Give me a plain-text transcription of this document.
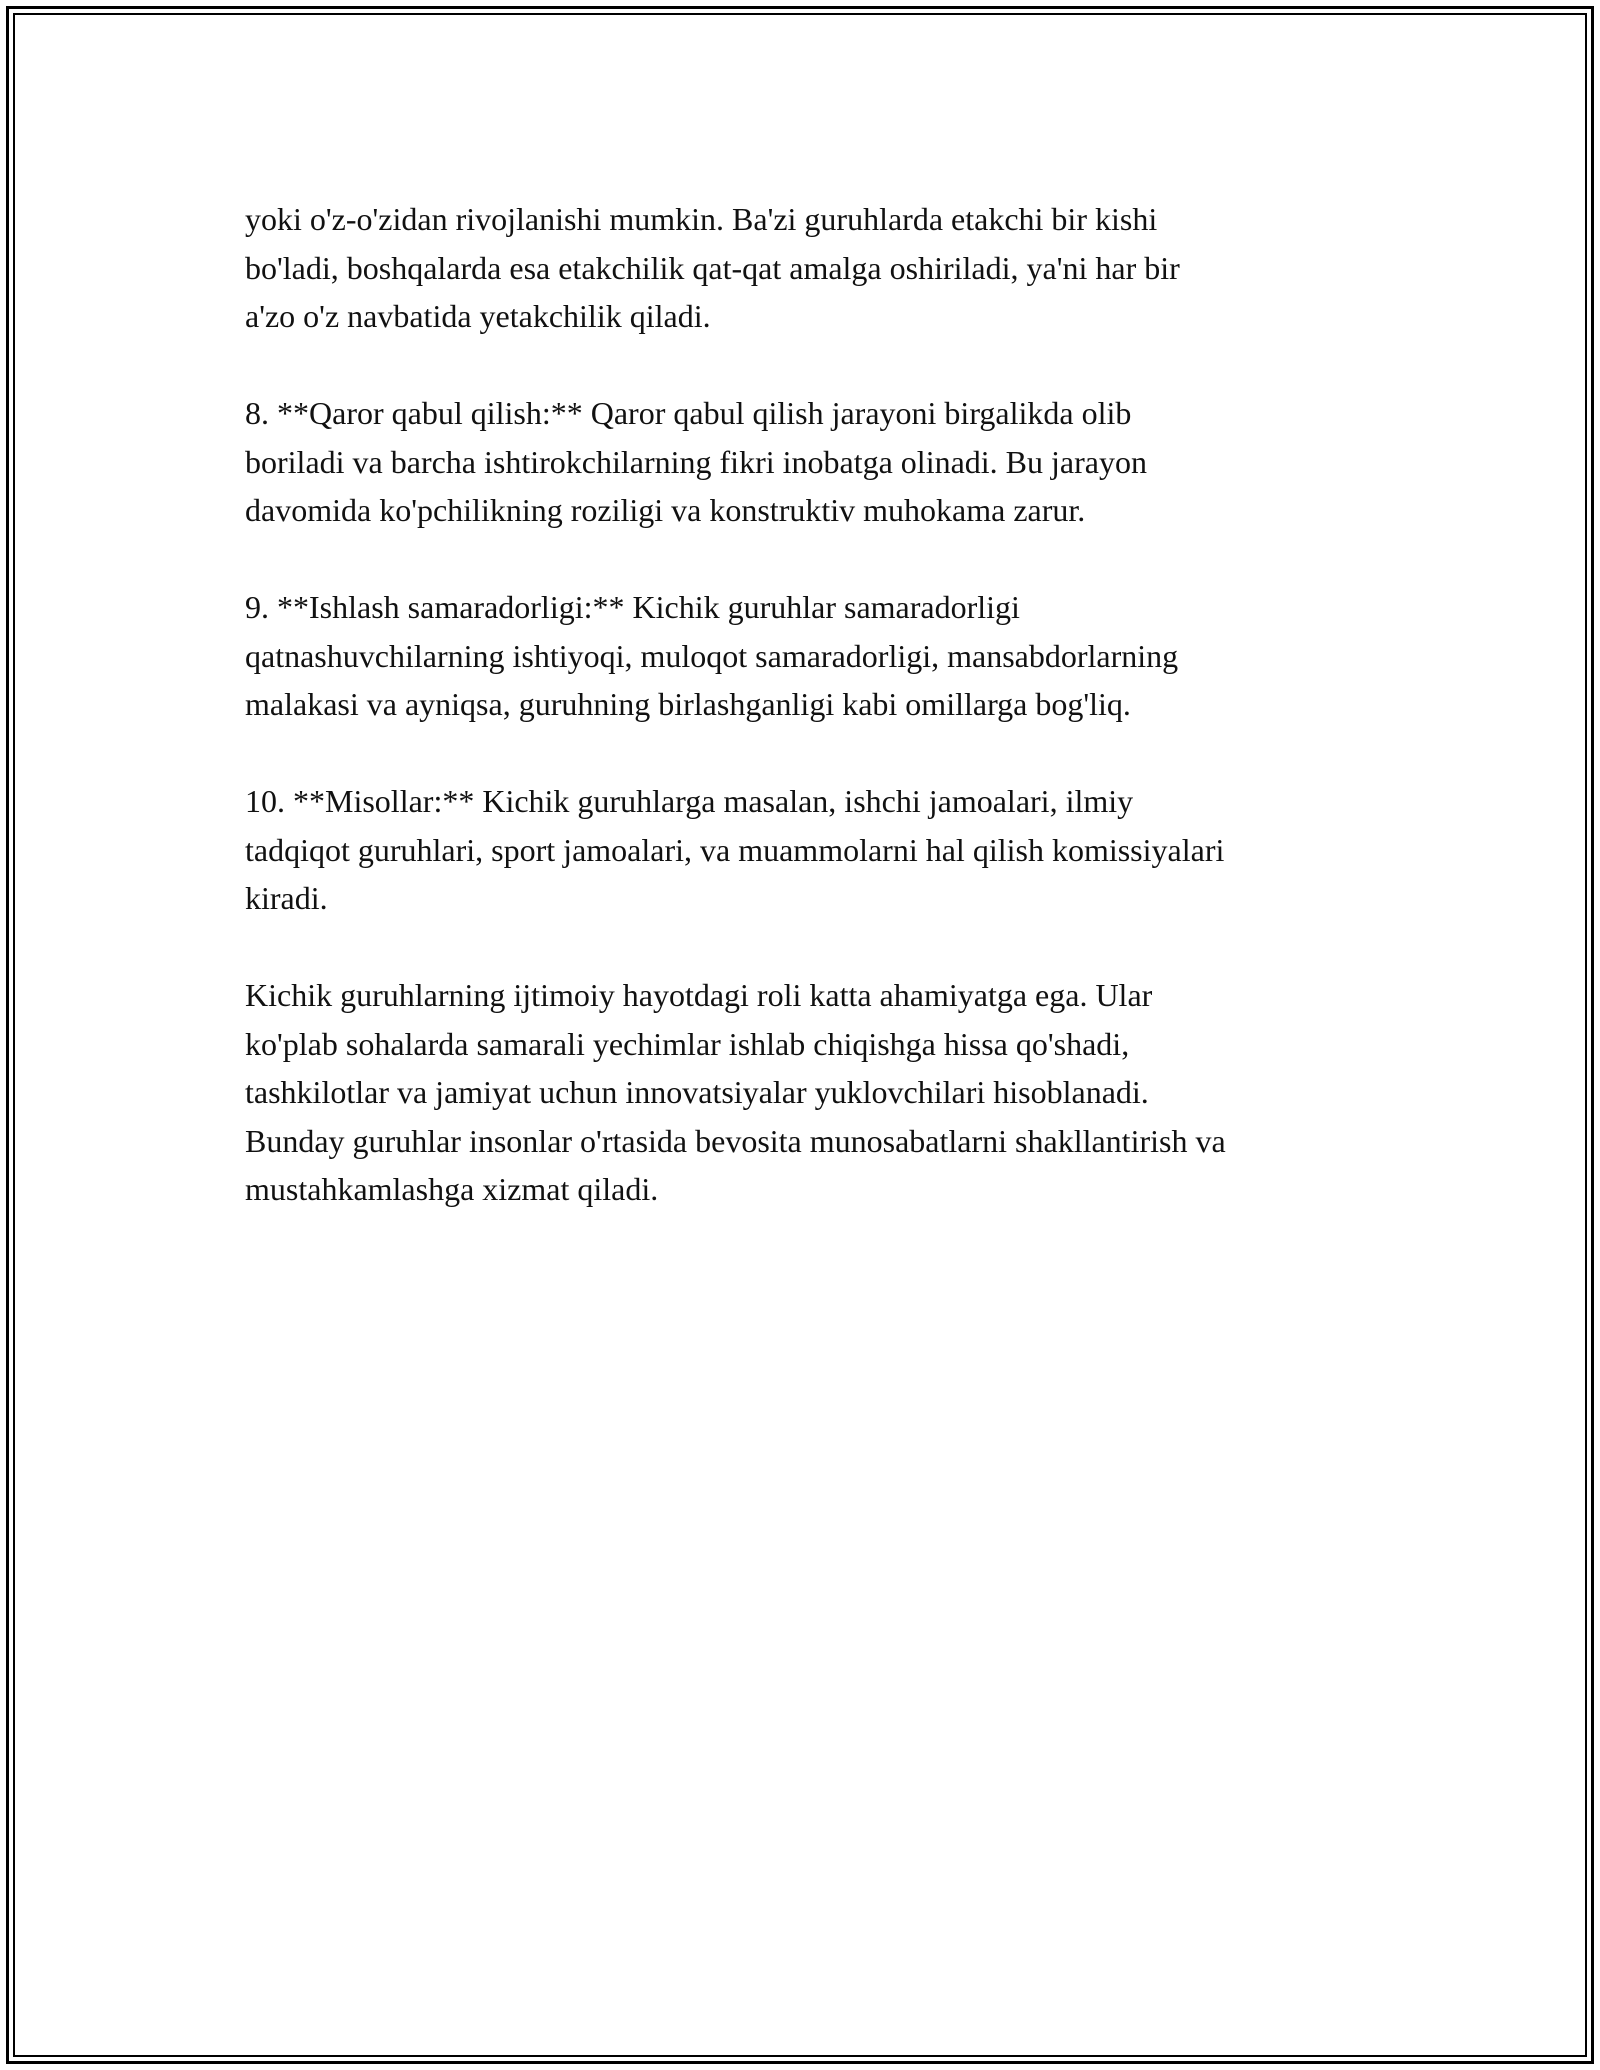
yoki o'z-o'zidan rivojlanishi mumkin. Ba'zi guruhlarda etakchi bir kishi
bo'ladi, boshqalarda esa etakchilik qat-qat amalga oshiriladi, ya'ni har bir
a'zo o'z navbatida yetakchilik qiladi.

8. **Qaror qabul qilish:** Qaror qabul qilish jarayoni birgalikda olib
boriladi va barcha ishtirokchilarning fikri inobatga olinadi. Bu jarayon
davomida ko'pchilikning roziligi va konstruktiv muhokama zarur.

9. **Ishlash samaradorligi:** Kichik guruhlar samaradorligi
qatnashuvchilarning ishtiyoqi, muloqot samaradorligi, mansabdorlarning
malakasi va ayniqsa, guruhning birlashganligi kabi omillarga bog'liq.

10. **Misollar:** Kichik guruhlarga masalan, ishchi jamoalari, ilmiy
tadqiqot guruhlari, sport jamoalari, va muammolarni hal qilish komissiyalari
kiradi.

Kichik guruhlarning ijtimoiy hayotdagi roli katta ahamiyatga ega. Ular
ko'plab sohalarda samarali yechimlar ishlab chiqishga hissa qo'shadi,
tashkilotlar va jamiyat uchun innovatsiyalar yuklovchilari hisoblanadi.
Bunday guruhlar insonlar o'rtasida bevosita munosabatlarni shakllantirish va
mustahkamlashga xizmat qiladi.
